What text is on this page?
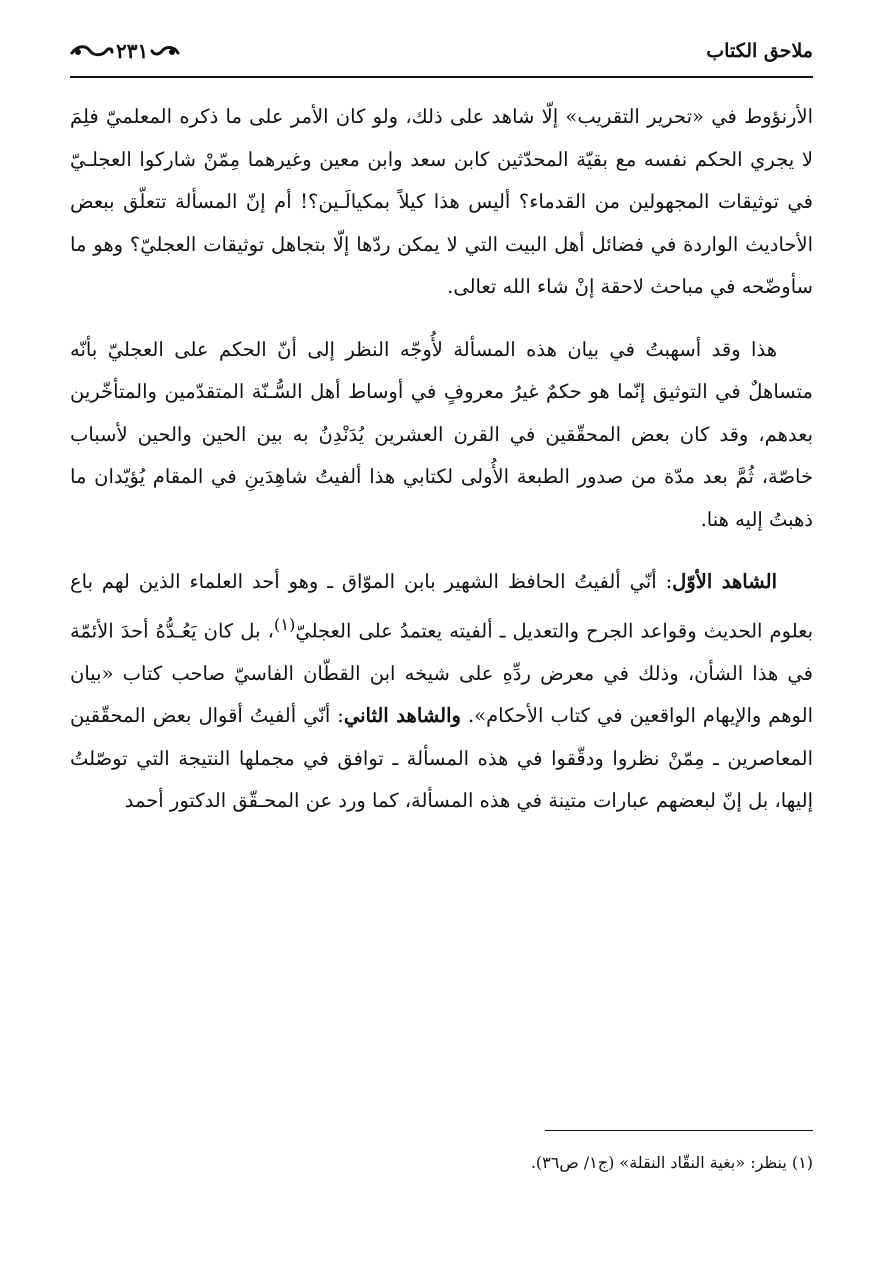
ملاحق الكتاب
٢٣١

الأرنؤوط في «تحرير التقريب» إلّا شاهد على ذلك، ولو كان الأمر على ما ذكره المعلميّ فلِمَ لا يجري الحكم نفسه مع بقيّة المحدّثين كابن سعد وابن معين وغيرهما مِمّنْ شاركوا العجلـيّ في توثيقات المجهولين من القدماء؟ أليس هذا كيلاً بمكيالَـين؟! أم إنّ المسألة تتعلّق ببعض الأحاديث الواردة في فضائل أهل البيت التي لا يمكن ردّها إلّا بتجاهل توثيقات العجليّ؟ وهو ما سأوضّحه في مباحث لاحقة إنْ شاء الله تعالى.

هذا وقد أسهبتُ في بيان هذه المسألة لأُوجّه النظر إلى أنّ الحكم على العجليّ بأنّه متساهلٌ في التوثيق إنّما هو حكمٌ غيرُ معروفٍ في أوساط أهل السُّـنّة المتقدّمين والمتأخّرين بعدهم، وقد كان بعض المحقّقين في القرن العشرين يُدَنْدِنُ به بين الحين والحين لأسباب خاصّة، ثُمَّ بعد مدّة من صدور الطبعة الأُولى لكتابي هذا ألفيتُ شاهِدَينِ في المقام يُؤيّدان ما ذهبتُ إليه هنا.

الشاهد الأوّل: أنّي ألفيتُ الحافظ الشهير بابن الموّاق ـ وهو أحد العلماء الذين لهم باع بعلوم الحديث وقواعد الجرح والتعديل ـ ألفيته يعتمدُ على العجليّ$^{(١)}$، بل كان يَعُـدُّهُ أحدَ الأئمّة في هذا الشأن، وذلك في معرض ردِّهِ على شيخه ابن القطّان الفاسيّ صاحب كتاب «بيان الوهم والإيهام الواقعين في كتاب الأحكام». والشاهد الثاني: أنّي ألفيتُ أقوال بعض المحقّقين المعاصرين ـ مِمّنْ نظروا ودقّقوا في هذه المسألة ـ توافق في مجملها النتيجة التي توصّلتُ إليها، بل إنّ لبعضهم عبارات متينة في هذه المسألة، كما ورد عن المحـقّق الدكتور أحمد

(١) ينظر: «بغية النقّاد النقلة» (ج١/ ص٣٦).
